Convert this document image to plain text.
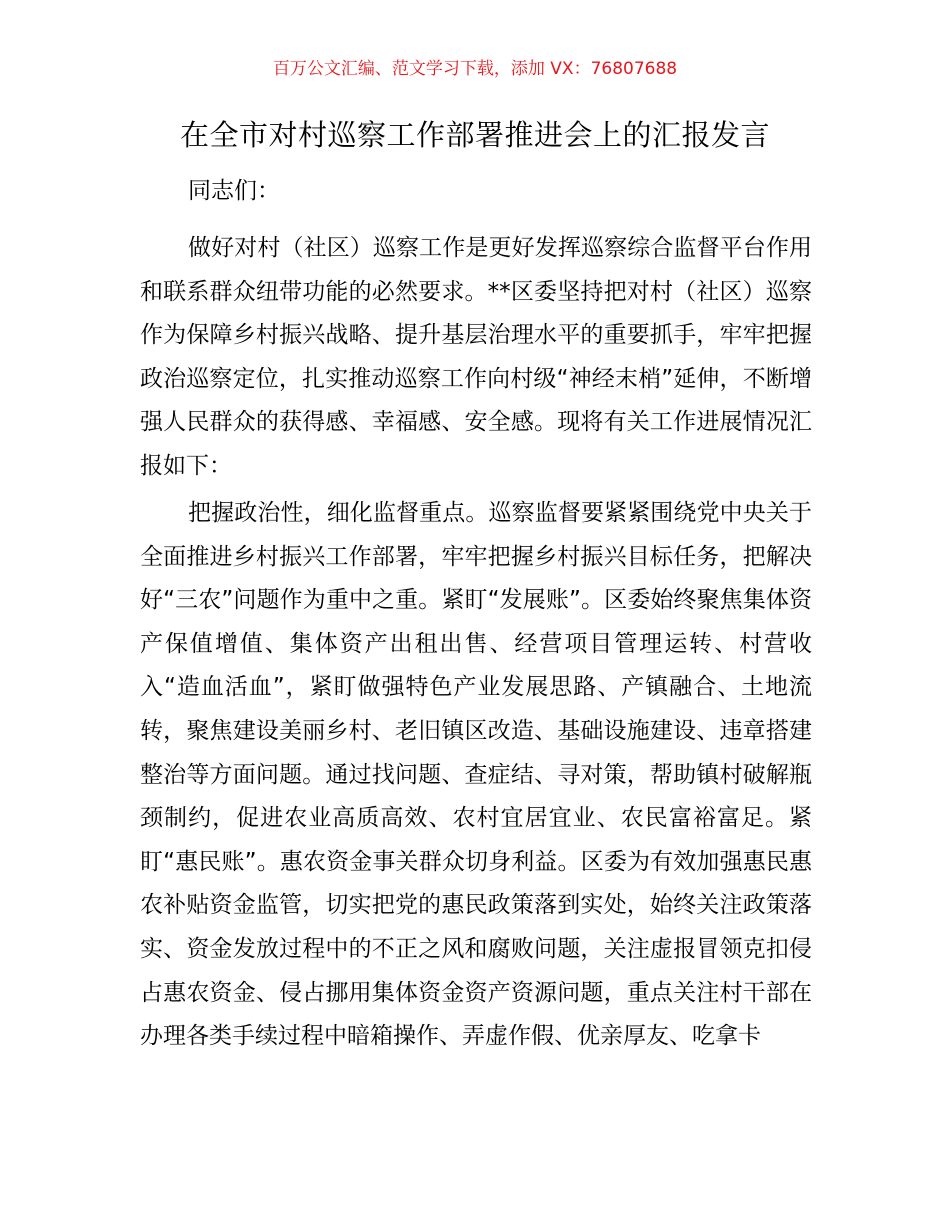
百万公文汇编、范文学习下载，添加 VX：76807688
在全市对村巡察工作部署推进会上的汇报发言
同志们：
做好对村（社区）巡察工作是更好发挥巡察综合监督平台作用和联系群众纽带功能的必然要求。**区委坚持把对村（社区）巡察作为保障乡村振兴战略、提升基层治理水平的重要抓手，牢牢把握政治巡察定位，扎实推动巡察工作向村级“神经末梢”延伸，不断增强人民群众的获得感、幸福感、安全感。现将有关工作进展情况汇报如下：
把握政治性，细化监督重点。巡察监督要紧紧围绕党中央关于全面推进乡村振兴工作部署，牢牢把握乡村振兴目标任务，把解决好“三农”问题作为重中之重。紧盯“发展账”。区委始终聚焦集体资产保值增值、集体资产出租出售、经营项目管理运转、村营收入“造血活血”，紧盯做强特色产业发展思路、产镇融合、土地流转，聚焦建设美丽乡村、老旧镇区改造、基础设施建设、违章搭建整治等方面问题。通过找问题、查症结、寻对策，帮助镇村破解瓶颈制约，促进农业高质高效、农村宜居宜业、农民富裕富足。紧盯“惠民账”。惠农资金事关群众切身利益。区委为有效加强惠民惠农补贴资金监管，切实把党的惠民政策落到实处，始终关注政策落实、资金发放过程中的不正之风和腐败问题，关注虚报冒领克扣侵占惠农资金、侵占挪用集体资金资产资源问题，重点关注村干部在办理各类手续过程中暗箱操作、弄虚作假、优亲厚友、吃拿卡
